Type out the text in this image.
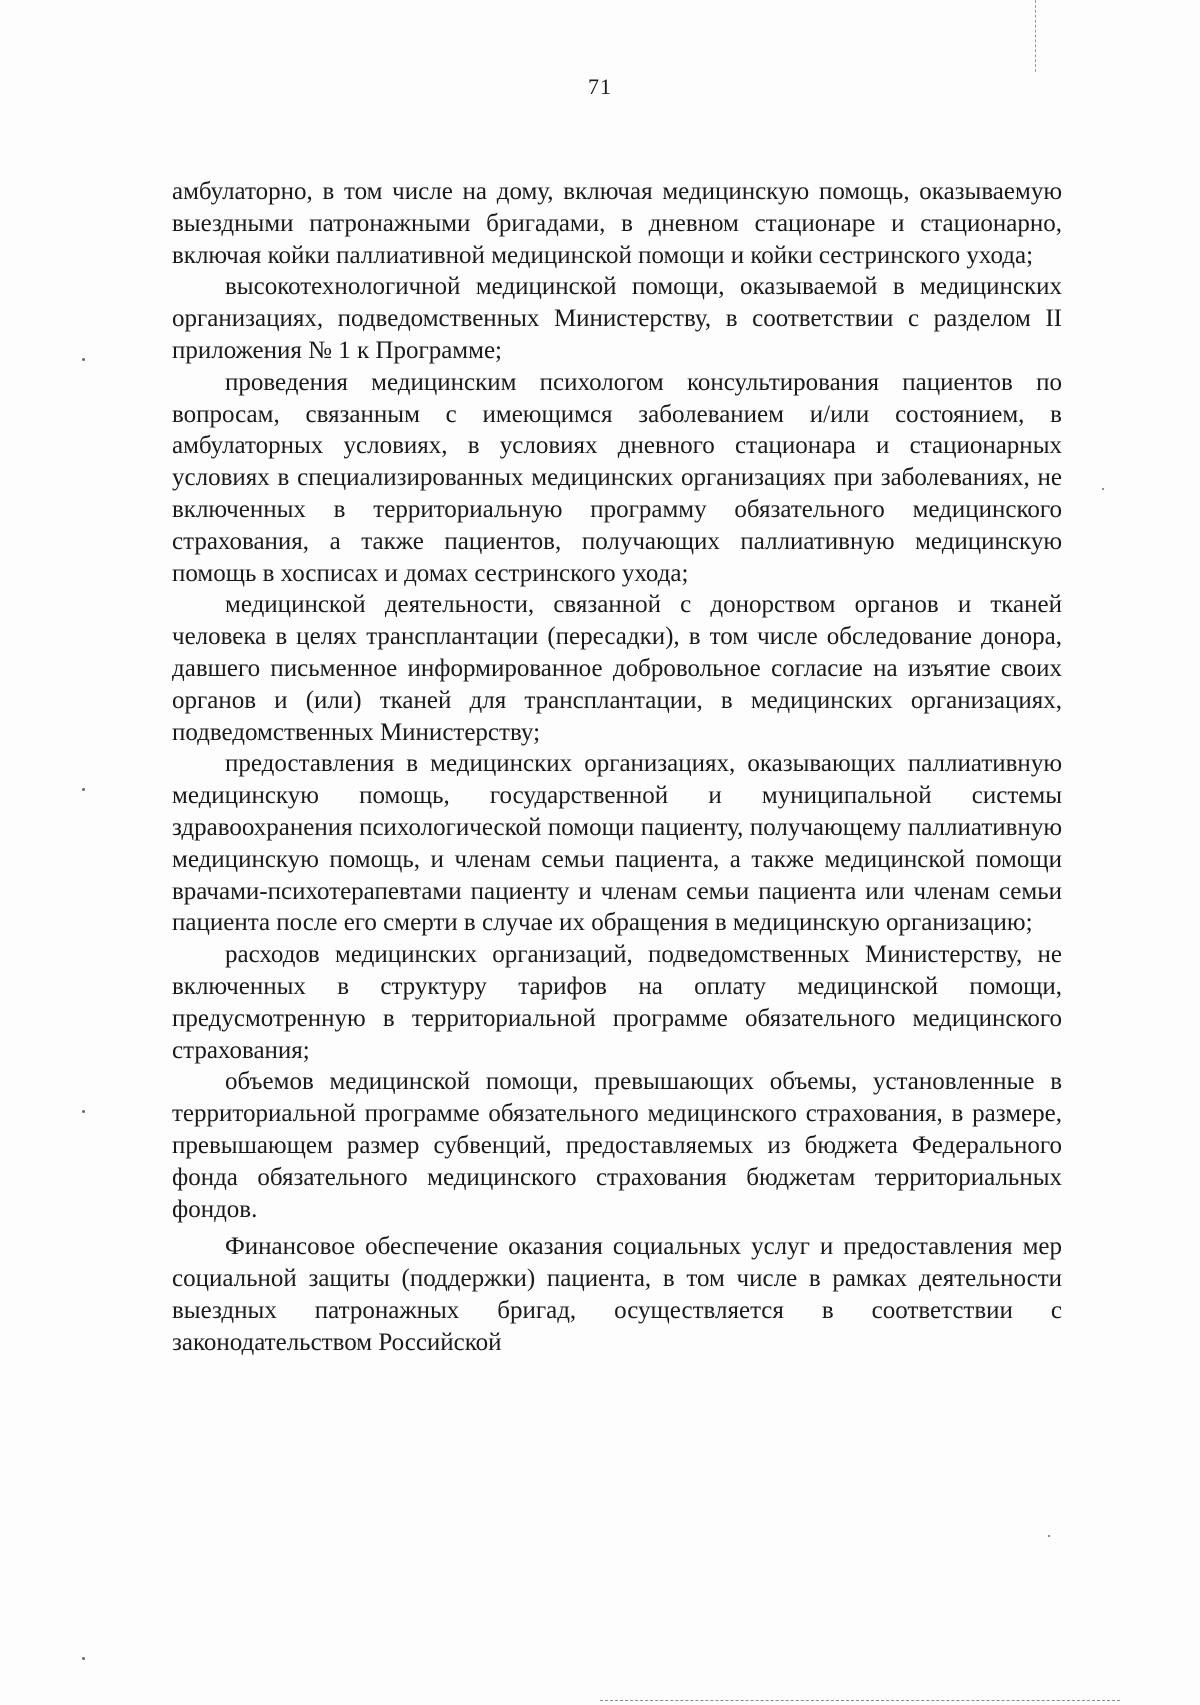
71

амбулаторно, в том числе на дому, включая медицинскую помощь, оказываемую выездными патронажными бригадами, в дневном стационаре и стационарно, включая койки паллиативной медицинской помощи и койки сестринского ухода;

высокотехнологичной медицинской помощи, оказываемой в медицинских организациях, подведомственных Министерству, в соответствии с разделом II приложения № 1 к Программе;

проведения медицинским психологом консультирования пациентов по вопросам, связанным с имеющимся заболеванием и/или состоянием, в амбулаторных условиях, в условиях дневного стационара и стационарных условиях в специализированных медицинских организациях при заболеваниях, не включенных в территориальную программу обязательного медицинского страхования, а также пациентов, получающих паллиативную медицинскую помощь в хосписах и домах сестринского ухода;

медицинской деятельности, связанной с донорством органов и тканей человека в целях трансплантации (пересадки), в том числе обследование донора, давшего письменное информированное добровольное согласие на изъятие своих органов и (или) тканей для трансплантации, в медицинских организациях, подведомственных Министерству;

предоставления в медицинских организациях, оказывающих паллиативную медицинскую помощь, государственной и муниципальной системы здравоохранения психологической помощи пациенту, получающему паллиативную медицинскую помощь, и членам семьи пациента, а также медицинской помощи врачами-психотерапевтами пациенту и членам семьи пациента или членам семьи пациента после его смерти в случае их обращения в медицинскую организацию;

расходов медицинских организаций, подведомственных Министерству, не включенных в структуру тарифов на оплату медицинской помощи, предусмотренную в территориальной программе обязательного медицинского страхования;

объемов медицинской помощи, превышающих объемы, установленные в территориальной программе обязательного медицинского страхования, в размере, превышающем размер субвенций, предоставляемых из бюджета Федерального фонда обязательного медицинского страхования бюджетам территориальных фондов.

Финансовое обеспечение оказания социальных услуг и предоставления мер социальной защиты (поддержки) пациента, в том числе в рамках деятельности выездных патронажных бригад, осуществляется в соответствии с законодательством Российской
